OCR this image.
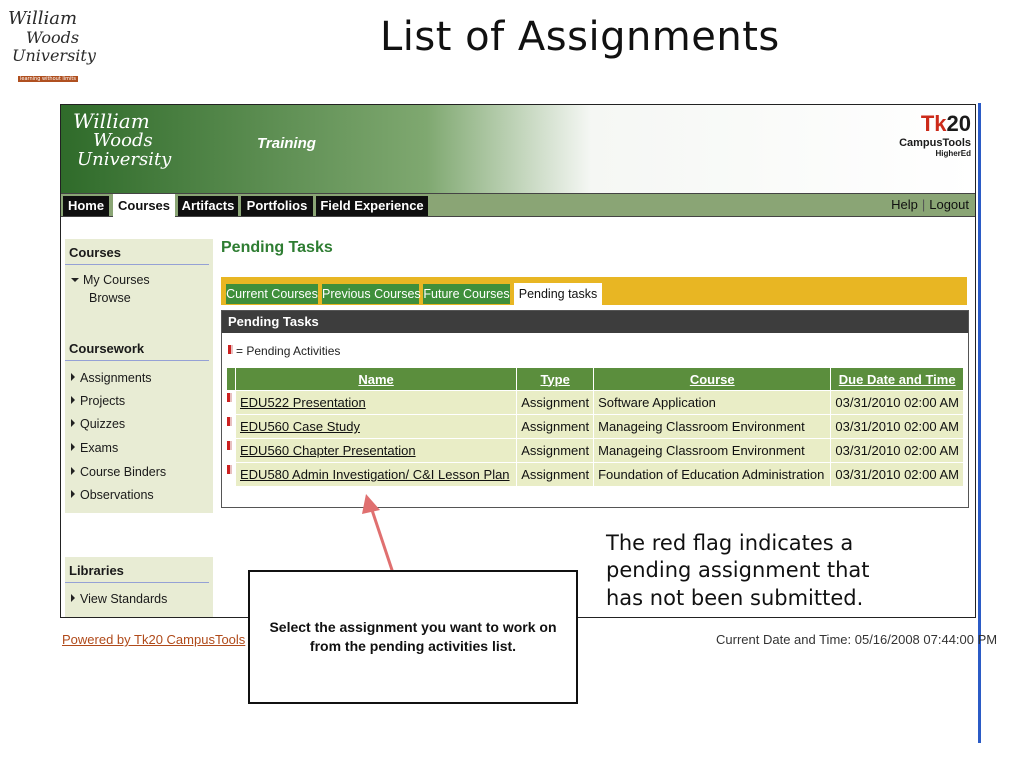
William
Woods
University
learning without limits
List of Assignments
William
Woods
University
Training
Tk20
CampusTools
HigherEd
Home	Courses Artifacts Portfolios	Field Experience	Help | Logout
Courses
My Courses
Browse
Coursework
Assignments
Projects
Quizzes
Exams
Course Binders
Observations
Libraries
View Standards
Pending Tasks
Current Courses Previous Courses Future Courses Pending tasks
Pending Tasks
= Pending Activities
	Name	Type	Course	Due Date and Time
	EDU522 Presentation	Assignment	Software Application	03/31/2010 02:00 AM
	EDU560 Case Study	Assignment	Manageing Classroom Environment	03/31/2010 02:00 AM
	EDU560 Chapter Presentation	Assignment	Manageing Classroom Environment	03/31/2010 02:00 AM
	EDU580 Admin Investigation/ C&I Lesson Plan	Assignment	Foundation of Education Administration	03/31/2010 02:00 AM
Powered by Tk20 CampusTools	Current Date and Time: 05/16/2008 07:44:00 PM
Select the assignment you want to work on from the pending activities list.
The red flag indicates a pending assignment that has not been submitted.
